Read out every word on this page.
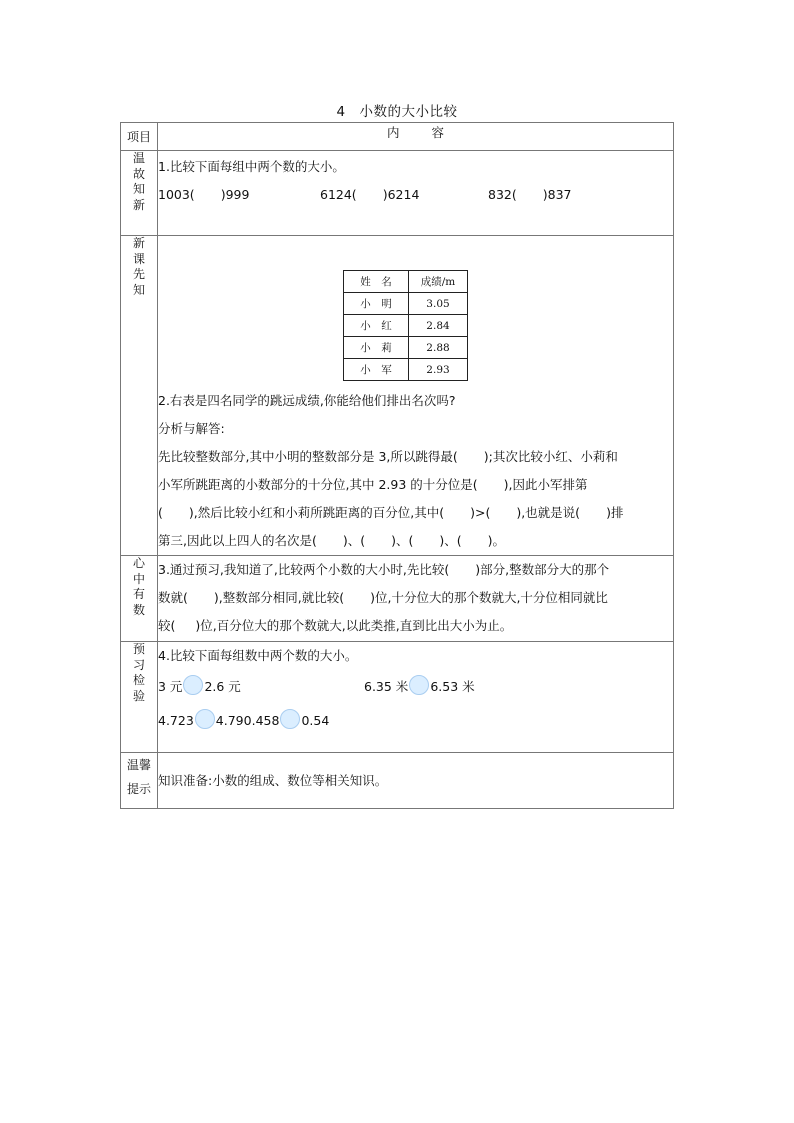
4 小数的大小比较
项目	内	容

温
故
知
新

1.比较下面每组中两个数的大小。
1003( )999	6124( )6214	832( )837

新
课
先
知

姓　名	成绩/m
小　明	3.05
小　红	2.84
小　莉	2.88
小　军	2.93
2.右表是四名同学的跳远成绩,你能给他们排出名次吗?
分析与解答:
先比较整数部分,其中小明的整数部分是 3,所以跳得最( );其次比较小红、小莉和
小军所跳距离的小数部分的十分位,其中 2.93 的十分位是( ),因此小军排第
( ),然后比较小红和小莉所跳距离的百分位,其中( )>( ),也就是说( )排
第三,因此以上四人的名次是( )、( )、( )、( )。

心
中
有
数

3.通过预习,我知道了,比较两个小数的大小时,先比较( )部分,整数部分大的那个
数就( ),整数部分相同,就比较( )位,十分位大的那个数就大,十分位相同就比
较( )位,百分位大的那个数就大,以此类推,直到比出大小为止。

预
习
检
验

4.比较下面每组数中两个数的大小。
3 元 2.6 元	6.35 米 6.53 米
4.723 4.790.458 0.54

温馨
提示

知识准备:小数的组成、数位等相关知识。
